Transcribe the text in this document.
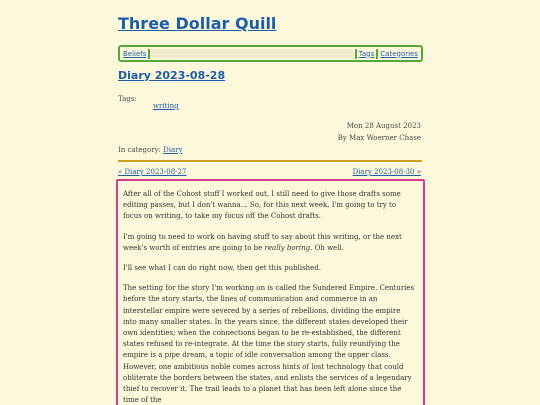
Three Dollar Quill
Beliefs	Tags Categories
Diary 2023-08-28
Tags:
writing
Mon 28 August 2023
By Max Woerner Chase
In category: Diary
« Diary 2023-08-27	Diary 2023-08-30 »

After all of the Cohost stuff I worked out, I still need to give those drafts some editing passes, but I don't wanna… So, for this next week, I'm going to try to focus on writing, to take my focus off the Cohost drafts.

I'm going to need to work on having stuff to say about this writing, or the next week's worth of entries are going to be really boring. Oh well.

I'll see what I can do right now, then get this published.

The setting for the story I'm working on is called the Sundered Empire. Centuries before the story starts, the lines of communication and commerce in an interstellar empire were severed by a series of rebellions, dividing the empire into many smaller states. In the years since, the different states developed their own identities; when the connections began to be re-established, the different states refused to re-integrate. At the time the story starts, fully reunifying the empire is a pipe dream, a topic of idle conversation among the upper class. However, one ambitious noble comes across hints of lost technology that could obliterate the borders between the states, and enlists the services of a legendary thief to recover it. The trail leads to a planet that has been left alone since the time of the
